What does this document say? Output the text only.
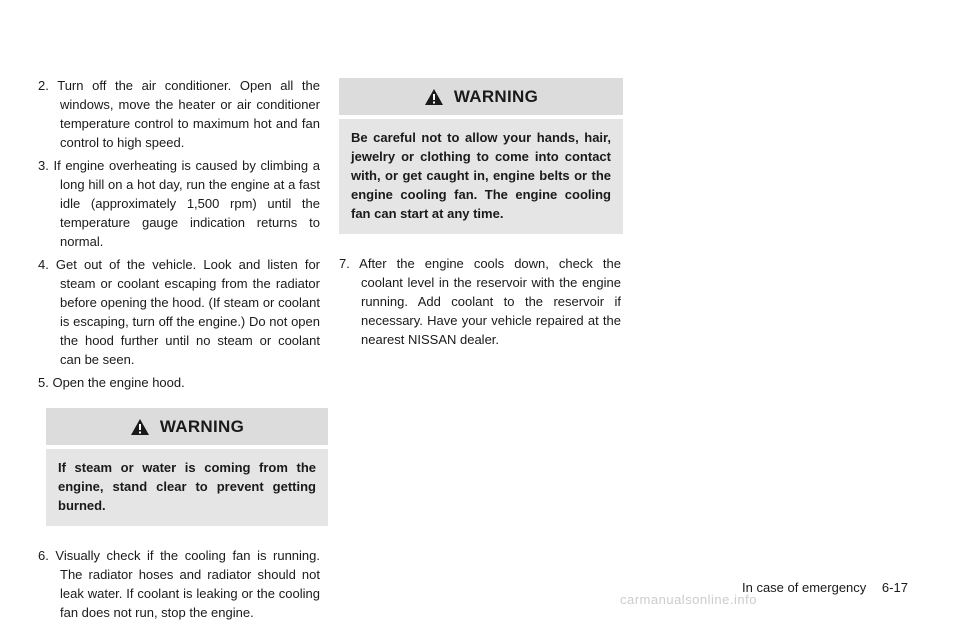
2. Turn off the air conditioner. Open all the windows, move the heater or air conditioner temperature control to maximum hot and fan control to high speed.

3. If engine overheating is caused by climbing a long hill on a hot day, run the engine at a fast idle (approximately 1,500 rpm) until the temperature gauge indication returns to normal.

4. Get out of the vehicle. Look and listen for steam or coolant escaping from the radiator before opening the hood. (If steam or coolant is escaping, turn off the engine.) Do not open the hood further until no steam or coolant can be seen.

5. Open the engine hood.

WARNING
If steam or water is coming from the engine, stand clear to prevent getting burned.

6. Visually check if the cooling fan is running. The radiator hoses and radiator should not leak water. If coolant is leaking or the cooling fan does not run, stop the engine.

WARNING
Be careful not to allow your hands, hair, jewelry or clothing to come into contact with, or get caught in, engine belts or the engine cooling fan. The engine cooling fan can start at any time.

7. After the engine cools down, check the coolant level in the reservoir with the engine running. Add coolant to the reservoir if necessary. Have your vehicle repaired at the nearest NISSAN dealer.

carmanualsonline.info
In case of emergency 6-17
